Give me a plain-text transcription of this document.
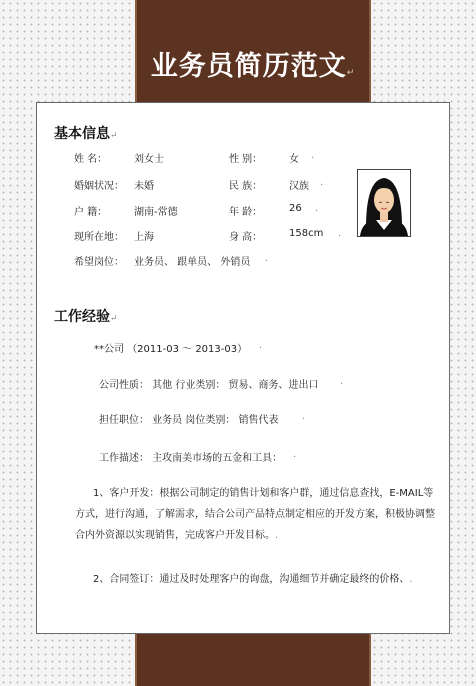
业务员简历范文↵
基本信息↵
姓 名：	刘女士	性 别：	女 .
婚姻状况： 未婚	民 族：	汉族 .
户 籍：	湖南-常德	年 龄：	26 .
现所在地： 上海	身 高：	158cm .
希望岗位： 业务员、 跟单员、 外销员 .
工作经验↵
**公司 （2011-03 ～ 2013-03） .
公司性质： 其他 行业类别： 贸易、商务、进出口 .
担任职位： 业务员 岗位类别： 销售代表 .
工作描述： 主攻南美市场的五金和工具： .
1、客户开发：根据公司制定的销售计划和客户群，通过信息查找，E-MAIL等方式，进行沟通，了解需求，结合公司产品特点制定相应的开发方案，积极协调整合内外资源以实现销售，完成客户开发目标。.
2、合同签订：通过及时处理客户的询盘，沟通细节并确定最终的价格、.
